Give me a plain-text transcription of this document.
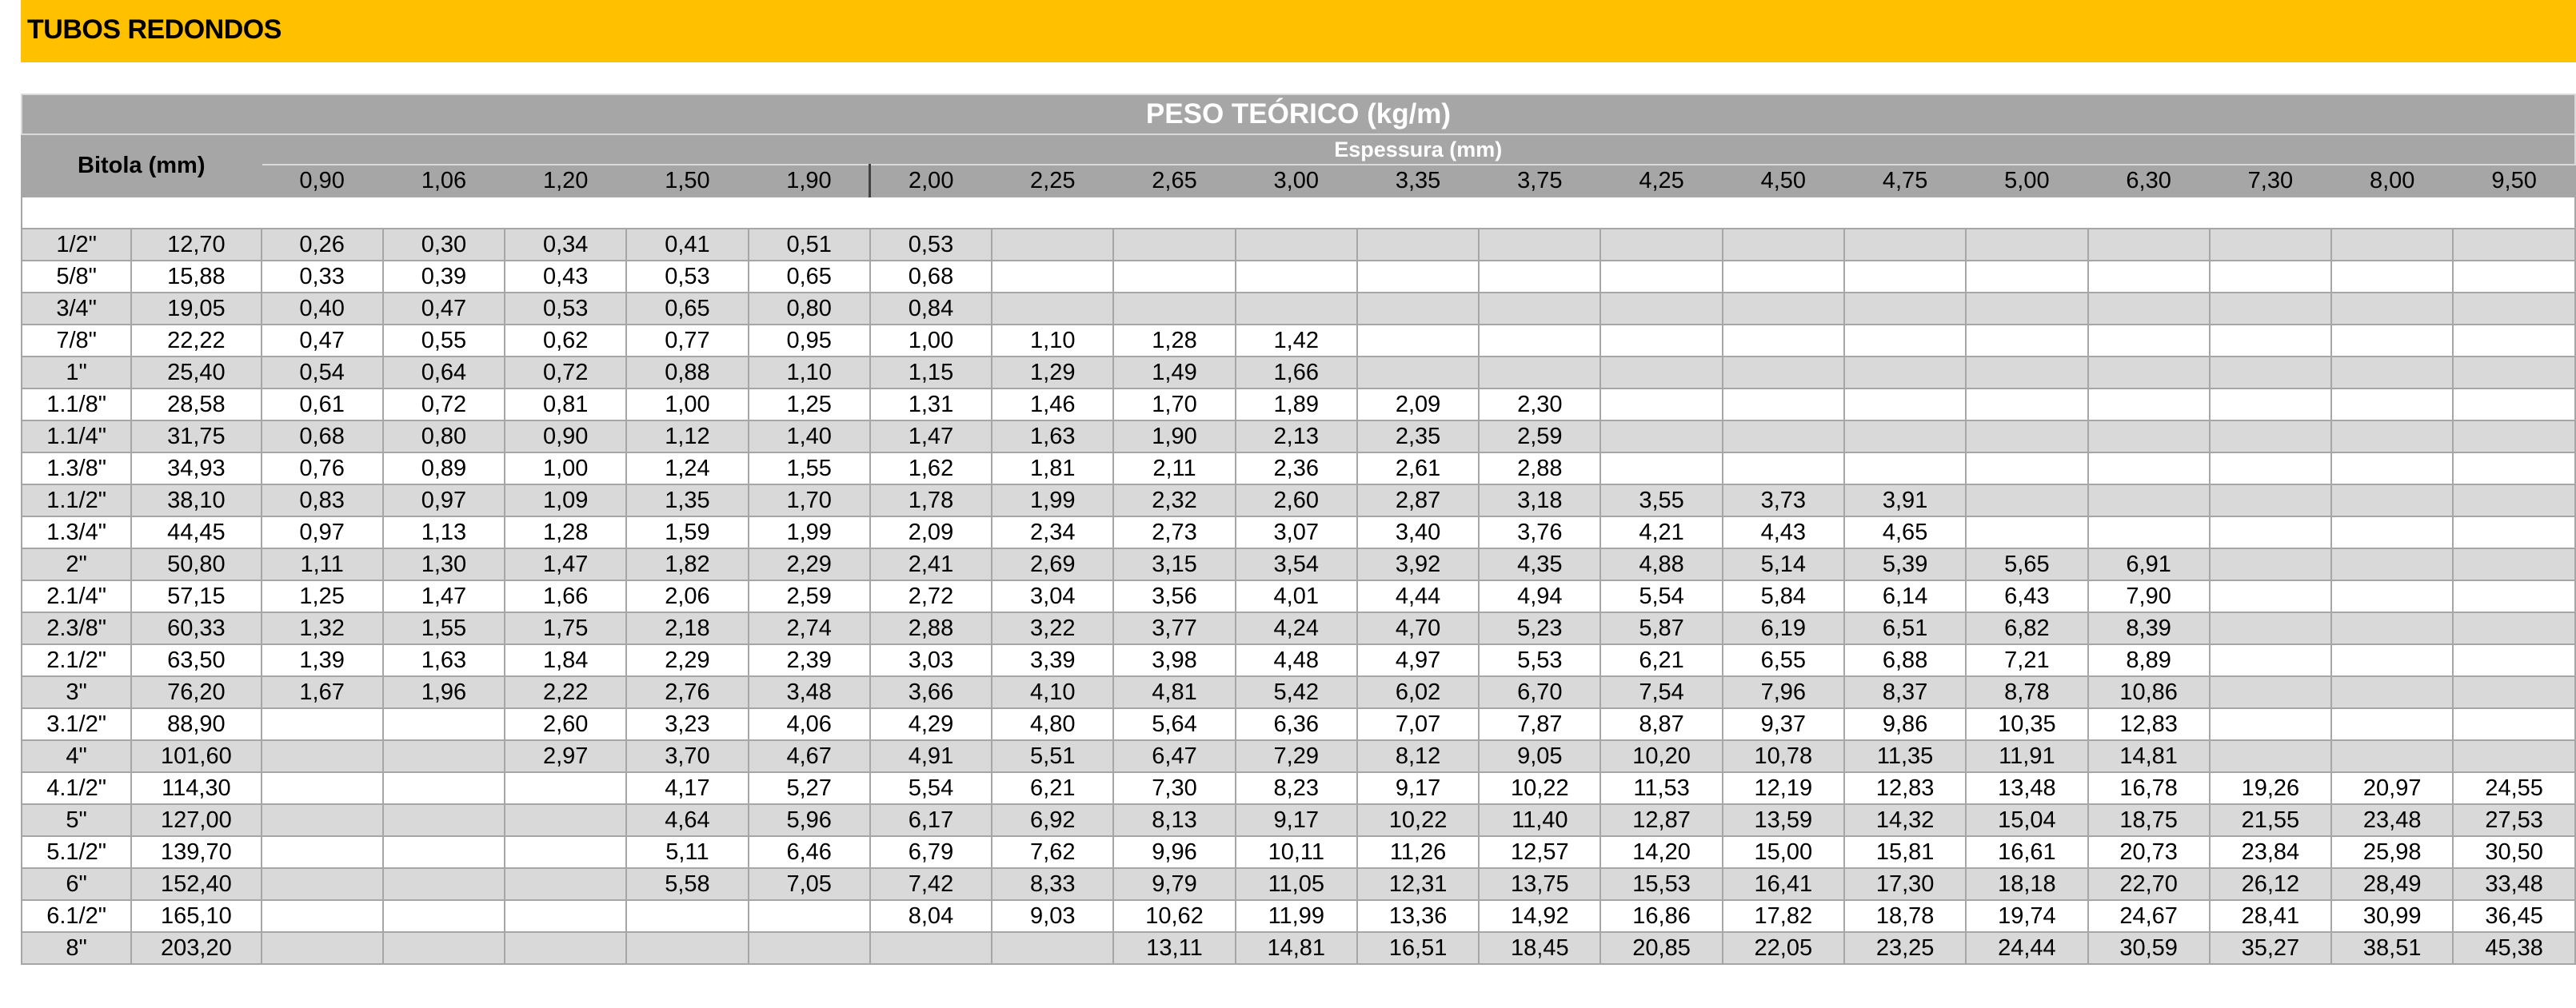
TUBOS REDONDOS
PESO TEÓRICO (kg/m)																				
Bitola (mm)		Espessura (mm)																		
		0,90	1,06	1,20	1,50	1,90	2,00	2,25	2,65	3,00	3,35	3,75	4,25	4,50	4,75	5,00	6,30	7,30	8,00	9,50

1/2"	12,70	0,26	0,30	0,34	0,41	0,51	0,53													
5/8"	15,88	0,33	0,39	0,43	0,53	0,65	0,68													
3/4"	19,05	0,40	0,47	0,53	0,65	0,80	0,84													
7/8"	22,22	0,47	0,55	0,62	0,77	0,95	1,00	1,10	1,28	1,42										
1"	25,40	0,54	0,64	0,72	0,88	1,10	1,15	1,29	1,49	1,66										
1.1/8"	28,58	0,61	0,72	0,81	1,00	1,25	1,31	1,46	1,70	1,89	2,09	2,30								
1.1/4"	31,75	0,68	0,80	0,90	1,12	1,40	1,47	1,63	1,90	2,13	2,35	2,59								
1.3/8"	34,93	0,76	0,89	1,00	1,24	1,55	1,62	1,81	2,11	2,36	2,61	2,88								
1.1/2"	38,10	0,83	0,97	1,09	1,35	1,70	1,78	1,99	2,32	2,60	2,87	3,18	3,55	3,73	3,91					
1.3/4"	44,45	0,97	1,13	1,28	1,59	1,99	2,09	2,34	2,73	3,07	3,40	3,76	4,21	4,43	4,65					
2"	50,80	1,11	1,30	1,47	1,82	2,29	2,41	2,69	3,15	3,54	3,92	4,35	4,88	5,14	5,39	5,65	6,91			
2.1/4"	57,15	1,25	1,47	1,66	2,06	2,59	2,72	3,04	3,56	4,01	4,44	4,94	5,54	5,84	6,14	6,43	7,90			
2.3/8"	60,33	1,32	1,55	1,75	2,18	2,74	2,88	3,22	3,77	4,24	4,70	5,23	5,87	6,19	6,51	6,82	8,39			
2.1/2"	63,50	1,39	1,63	1,84	2,29	2,39	3,03	3,39	3,98	4,48	4,97	5,53	6,21	6,55	6,88	7,21	8,89			
3"	76,20	1,67	1,96	2,22	2,76	3,48	3,66	4,10	4,81	5,42	6,02	6,70	7,54	7,96	8,37	8,78	10,86			
3.1/2"	88,90			2,60	3,23	4,06	4,29	4,80	5,64	6,36	7,07	7,87	8,87	9,37	9,86	10,35	12,83			
4"	101,60			2,97	3,70	4,67	4,91	5,51	6,47	7,29	8,12	9,05	10,20	10,78	11,35	11,91	14,81			
4.1/2"	114,30				4,17	5,27	5,54	6,21	7,30	8,23	9,17	10,22	11,53	12,19	12,83	13,48	16,78	19,26	20,97	24,55
5"	127,00				4,64	5,96	6,17	6,92	8,13	9,17	10,22	11,40	12,87	13,59	14,32	15,04	18,75	21,55	23,48	27,53
5.1/2"	139,70				5,11	6,46	6,79	7,62	9,96	10,11	11,26	12,57	14,20	15,00	15,81	16,61	20,73	23,84	25,98	30,50
6"	152,40				5,58	7,05	7,42	8,33	9,79	11,05	12,31	13,75	15,53	16,41	17,30	18,18	22,70	26,12	28,49	33,48
6.1/2"	165,10						8,04	9,03	10,62	11,99	13,36	14,92	16,86	17,82	18,78	19,74	24,67	28,41	30,99	36,45
8"	203,20								13,11	14,81	16,51	18,45	20,85	22,05	23,25	24,44	30,59	35,27	38,51	45,38
